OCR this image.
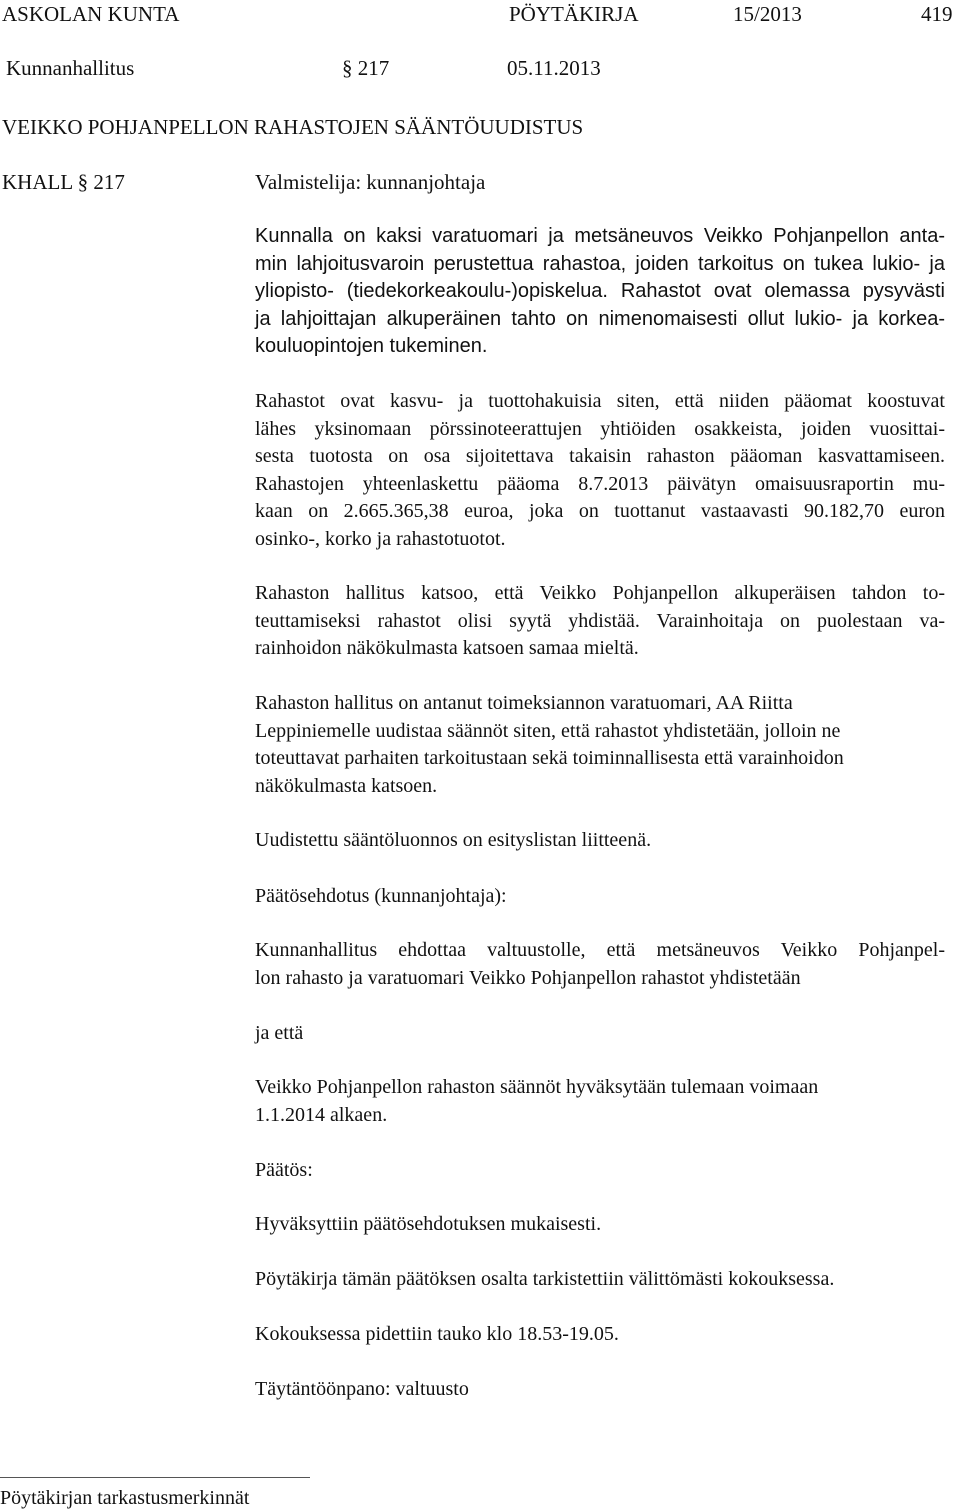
ASKOLAN KUNTA	PÖYTÄKIRJA	15/2013	419
Kunnanhallitus	§ 217	05.11.2013
VEIKKO POHJANPELLON RAHASTOJEN SÄÄNTÖUUDISTUS
KHALL § 217	Valmistelija: kunnanjohtaja
Kunnalla on kaksi varatuomari ja metsäneuvos Veikko Pohjanpellon anta-
min lahjoitusvaroin perustettua rahastoa, joiden tarkoitus on tukea lukio- ja
yliopisto- (tiedekorkeakoulu-)opiskelua. Rahastot ovat olemassa pysyvästi
ja lahjoittajan alkuperäinen tahto on nimenomaisesti ollut lukio- ja korkea-
kouluopintojen tukeminen.
Rahastot ovat kasvu- ja tuottohakuisia siten, että niiden pääomat koostuvat
lähes yksinomaan pörssinoteerattujen yhtiöiden osakkeista, joiden vuosittai-
sesta tuotosta on osa sijoitettava takaisin rahaston pääoman kasvattamiseen.
Rahastojen yhteenlaskettu pääoma 8.7.2013 päivätyn omaisuusraportin mu-
kaan on 2.665.365,38 euroa, joka on tuottanut vastaavasti 90.182,70 euron
osinko-, korko ja rahastotuotot.
Rahaston hallitus katsoo, että Veikko Pohjanpellon alkuperäisen tahdon to-
teuttamiseksi rahastot olisi syytä yhdistää. Varainhoitaja on puolestaan va-
rainhoidon näkökulmasta katsoen samaa mieltä.
Rahaston hallitus on antanut toimeksiannon varatuomari, AA Riitta
Leppiniemelle uudistaa säännöt siten, että rahastot yhdistetään, jolloin ne
toteuttavat parhaiten tarkoitustaan sekä toiminnallisesta että varainhoidon
näkökulmasta katsoen.
Uudistettu sääntöluonnos on esityslistan liitteenä.
Päätösehdotus (kunnanjohtaja):
Kunnanhallitus ehdottaa valtuustolle, että metsäneuvos Veikko Pohjanpel-
lon rahasto ja varatuomari Veikko Pohjanpellon rahastot yhdistetään
ja että
Veikko Pohjanpellon rahaston säännöt hyväksytään tulemaan voimaan
1.1.2014 alkaen.
Päätös:
Hyväksyttiin päätösehdotuksen mukaisesti.
Pöytäkirja tämän päätöksen osalta tarkistettiin välittömästi kokouksessa.
Kokouksessa pidettiin tauko klo 18.53-19.05.
Täytäntöönpano: valtuusto
Pöytäkirjan tarkastusmerkinnät
